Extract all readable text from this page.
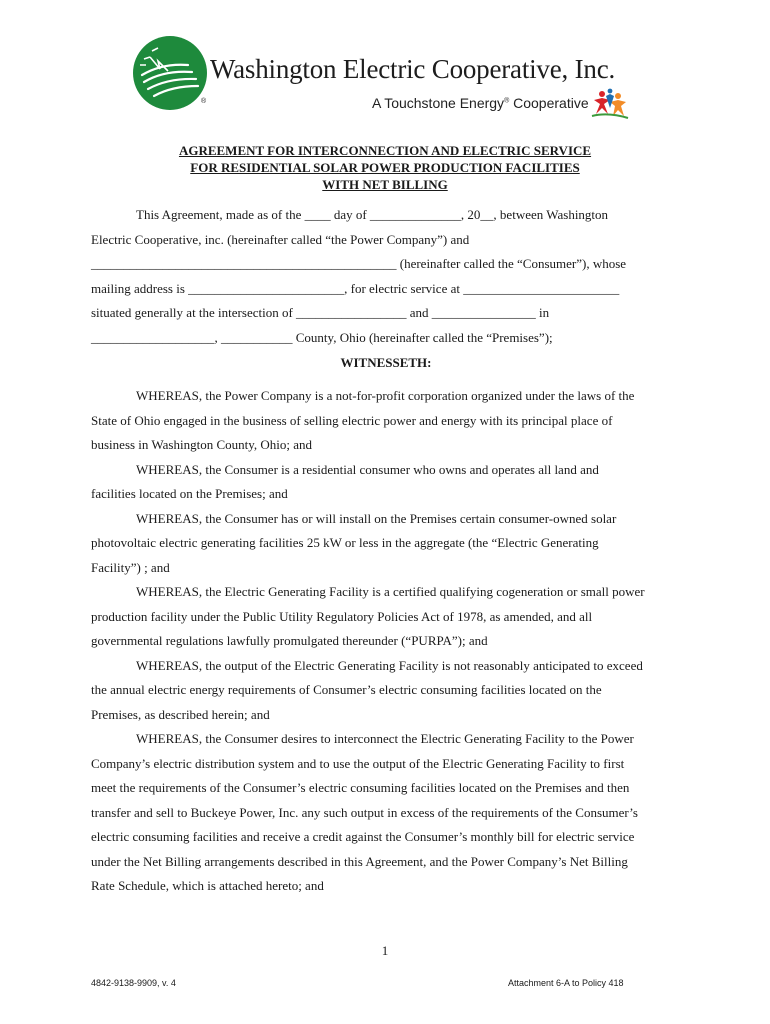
®
Washington Electric Cooperative, Inc.
A Touchstone Energy® Cooperative
AGREEMENT FOR INTERCONNECTION AND ELECTRIC SERVICE
FOR RESIDENTIAL SOLAR POWER PRODUCTION FACILITIES
WITH NET BILLING
This Agreement, made as of the ____ day of ______________, 20__, between Washington
Electric Cooperative, inc. (hereinafter called “the Power Company”) and
_______________________________________________ (hereinafter called the “Consumer”), whose
mailing address is ________________________, for electric service at ________________________
situated generally at the intersection of _________________ and ________________ in
___________________, ___________ County, Ohio (hereinafter called the “Premises”);
WITNESSETH:
WHEREAS, the Power Company is a not-for-profit corporation organized under the laws of the
State of Ohio engaged in the business of selling electric power and energy with its principal place of
business in Washington County, Ohio; and
WHEREAS, the Consumer is a residential consumer who owns and operates all land and
facilities located on the Premises; and
WHEREAS, the Consumer has or will install on the Premises certain consumer-owned solar
photovoltaic electric generating facilities 25 kW or less in the aggregate (the “Electric Generating
Facility”) ; and
WHEREAS, the Electric Generating Facility is a certified qualifying cogeneration or small power
production facility under the Public Utility Regulatory Policies Act of 1978, as amended, and all
governmental regulations lawfully promulgated thereunder (“PURPA”); and
WHEREAS, the output of the Electric Generating Facility is not reasonably anticipated to exceed
the annual electric energy requirements of Consumer’s electric consuming facilities located on the
Premises, as described herein; and
WHEREAS, the Consumer desires to interconnect the Electric Generating Facility to the Power
Company’s electric distribution system and to use the output of the Electric Generating Facility to first
meet the requirements of the Consumer’s electric consuming facilities located on the Premises and then
transfer and sell to Buckeye Power, Inc. any such output in excess of the requirements of the Consumer’s
electric consuming facilities and receive a credit against the Consumer’s monthly bill for electric service
under the Net Billing arrangements described in this Agreement, and the Power Company’s Net Billing
Rate Schedule, which is attached hereto; and
1
4842-9138-9909, v. 4	Attachment 6-A to Policy 418
